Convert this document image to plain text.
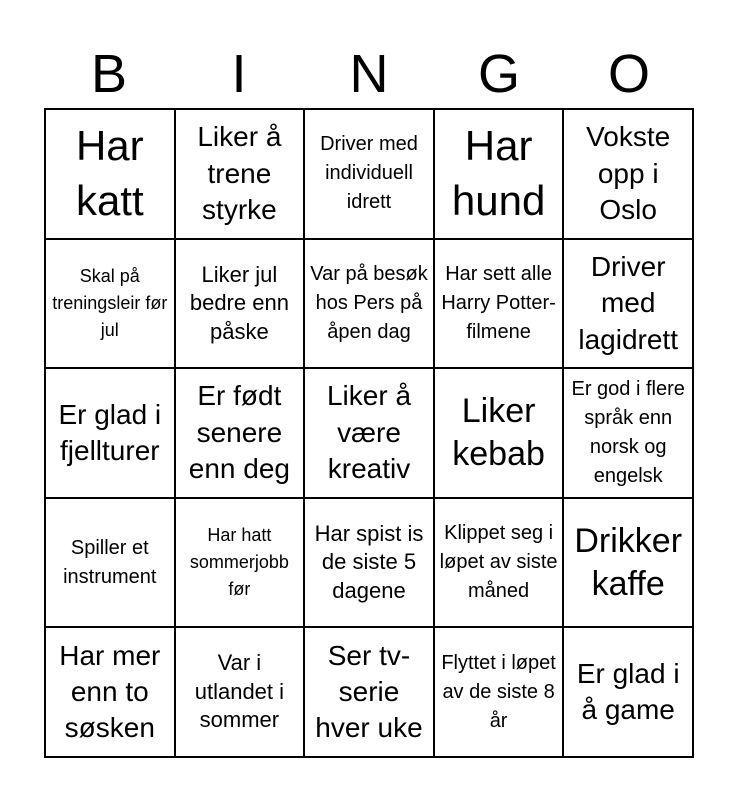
B	I	N	G	O
Har katt
Liker å trene styrke
Driver med individuell idrett
Har hund
Vokste opp i Oslo
Skal på treningsleir før jul
Liker jul bedre enn påske
Var på besøk hos Pers på åpen dag
Har sett alle Harry Potter-filmene
Driver med lagidrett
Er glad i fjellturer
Er født senere enn deg
Liker å være kreativ
Liker kebab
Er god i flere språk enn norsk og engelsk
Spiller et instrument
Har hatt sommerjobb før
Har spist is de siste 5 dagene
Klippet seg i løpet av siste måned
Drikker kaffe
Har mer enn to søsken
Var i utlandet i sommer
Ser tv-serie hver uke
Flyttet i løpet av de siste 8 år
Er glad i å game
